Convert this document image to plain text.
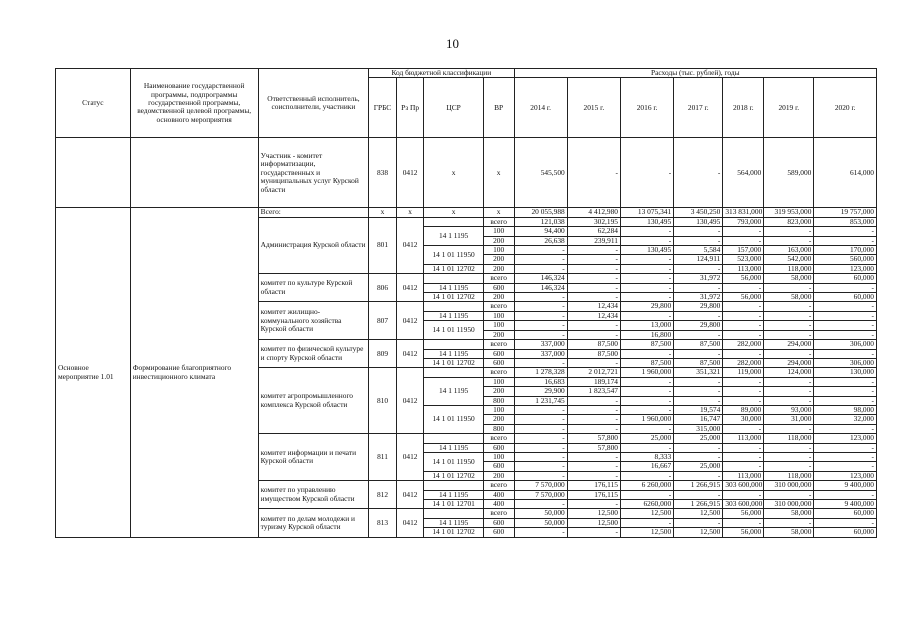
10
Статус	Наименование государственной программы, подпрограммы государственной программы, ведомственной целевой программы, основного мероприятия	Ответственный исполнитель, соисполнители, участники	Код бюджетной классификации				Расходы (тыс. рублей), годы						
			ГРБС	Рз Пр	ЦСР	ВР	2014 г.	2015 г.	2016 г.	2017 г.	2018 г.	2019 г.	2020 г.
		Участник - комитет информатизации, государственных и муниципальных услуг Курской области	838	0412	х	х	545,500	-	-	-	564,000	589,000	614,000
Основное мероприятие 1.01	Формирование благоприятного инвестиционного климата	Всего:	х	х	х	х	20 055,988	4 412,980	13 075,341	3 450,250	313 831,000	319 953,000	19 757,000
		Администрация Курской области	801	0412		всего	121,038	302,195	130,495	130,495	793,000	823,000	853,000
					14 1 1195	100	94,400	62,284	-	-	-	-	-
						200	26,638	239,911	-	-	-	-	-
					14 1 01 11950	100	-	-	130,495	5,584	157,000	163,000	170,000
						200	-	-	-	124,911	523,000	542,000	560,000
					14 1 01 12702	200	-	-	-	-	113,000	118,000	123,000
		комитет по культуре Курской области	806	0412		всего	146,324	-	-	31,972	56,000	58,000	60,000
					14 1 1195	600	146,324	-	-	-	-	-	-
					14 1 01 12702	200	-	-	-	31,972	56,000	58,000	60,000
		комитет жилищно-коммунального хозяйства Курской области	807	0412		всего	-	12,434	29,800	29,800	-	-	-
					14 1 1195	100	-	12,434	-	-	-	-	-
					14 1 01 11950	100	-	-	13,000	29,800	-	-	-
						200	-	-	16,800	-	-	-	-
		комитет по физической культуре и спорту Курской области	809	0412		всего	337,000	87,500	87,500	87,500	282,000	294,000	306,000
					14 1 1195	600	337,000	87,500	-	-	-	-	-
					14 1 01 12702	600	-	-	87,500	87,500	282,000	294,000	306,000
		комитет агропромышленного комплекса Курской области	810	0412		всего	1 278,328	2 012,721	1 960,000	351,321	119,000	124,000	130,000
					14 1 1195	100	16,683	189,174	-	-	-	-	-
						200	29,900	1 823,547	-	-	-	-	-
						800	1 231,745	-	-	-	-	-	-
					14 1 01 11950	100	-	-	-	19,574	89,000	93,000	98,000
						200	-	-	1 960,000	16,747	30,000	31,000	32,000
						800	-	-	-	315,000	-	-	-
		комитет информации и печати Курской области	811	0412		всего	-	57,800	25,000	25,000	113,000	118,000	123,000
					14 1 1195	600	-	57,800	-	-	-	-	-
					14 1 01 11950	100	-	-	8,333	-	-	-	-
						600	-	-	16,667	25,000	-	-	-
					14 1 01 12702	200	-	-	-	-	113,000	118,000	123,000
		комитет по управлению имуществом Курской области	812	0412		всего	7 570,000	176,115	6 260,000	1 266,915	303 600,000	310 000,000	9 400,000
					14 1 1195	400	7 570,000	176,115	-	-	-	-	-
					14 1 01 12701	400	-	-	6260,000	1 266,915	303 600,000	310 000,000	9 400,000
		комитет по делам молодежи и туризму Курской области	813	0412		всего	50,000	12,500	12,500	12,500	56,000	58,000	60,000
					14 1 1195	600	50,000	12,500	-	-	-	-	-
					14 1 01 12702	600	-	-	12,500	12,500	56,000	58,000	60,000
